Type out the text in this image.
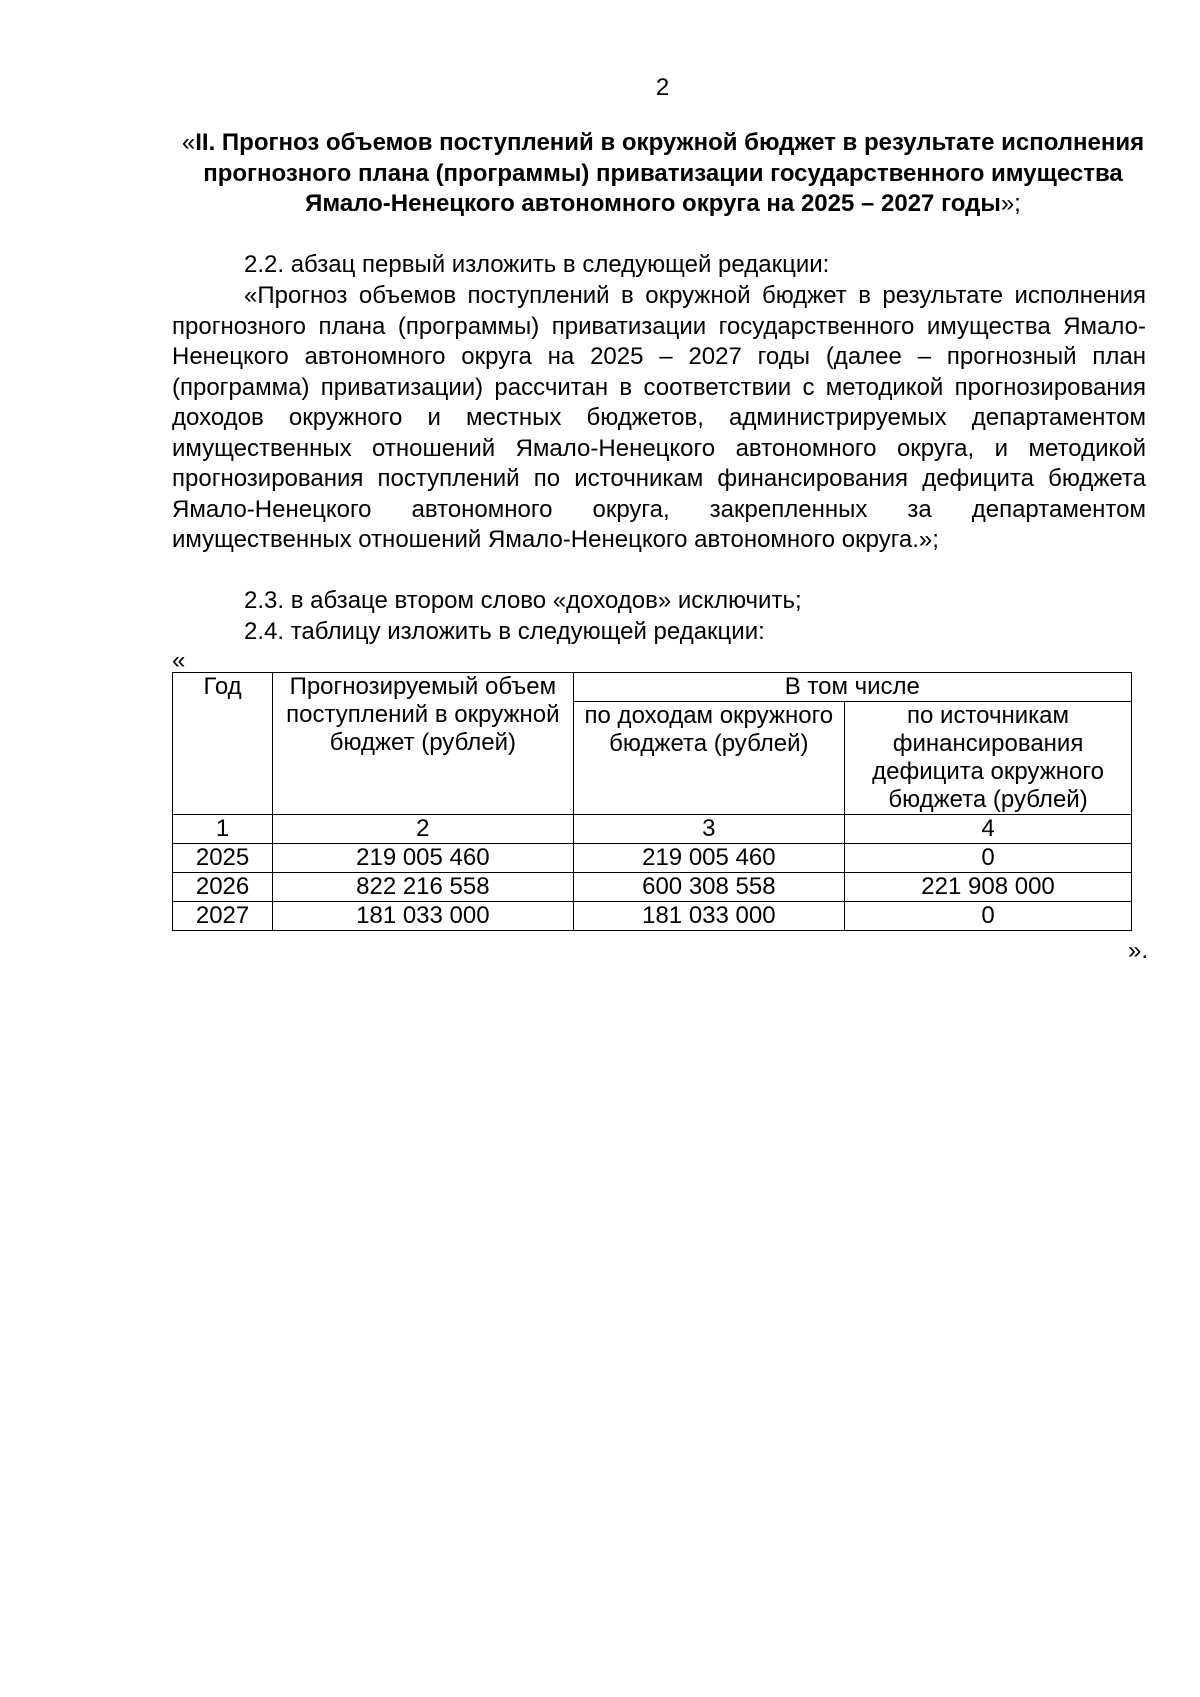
2
«II. Прогноз объемов поступлений в окружной бюджет в результате исполнения прогнозного плана (программы) приватизации государственного имущества Ямало-Ненецкого автономного округа на 2025 – 2027 годы»;
2.2. абзац первый изложить в следующей редакции:
«Прогноз объемов поступлений в окружной бюджет в результате исполнения прогнозного плана (программы) приватизации государственного имущества Ямало-Ненецкого автономного округа на 2025 – 2027 годы (далее – прогнозный план (программа) приватизации) рассчитан в соответствии с методикой прогнозирования доходов окружного и местных бюджетов, администрируемых департаментом имущественных отношений Ямало-Ненецкого автономного округа, и методикой прогнозирования поступлений по источникам финансирования дефицита бюджета Ямало-Ненецкого автономного округа, закрепленных за департаментом имущественных отношений Ямало-Ненецкого автономного округа.»;
2.3. в абзаце втором слово «доходов» исключить;
2.4. таблицу изложить в следующей редакции:
«
Год	Прогнозируемый объем поступлений в окружной бюджет (рублей)	В том числе	
		по доходам окружного бюджета (рублей)	по источникам финансирования дефицита окружного бюджета (рублей)
1	2	3	4
2025	219 005 460	219 005 460	0
2026	822 216 558	600 308 558	221 908 000
2027	181 033 000	181 033 000	0
».
